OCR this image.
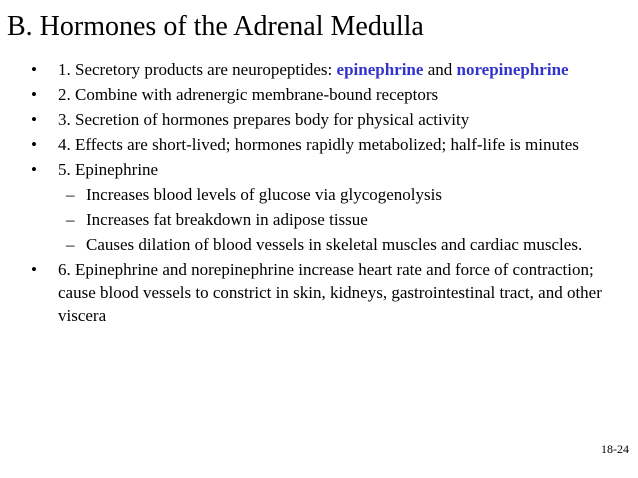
B. Hormones of the Adrenal Medulla
• 1. Secretory products are neuropeptides: epinephrine and norepinephrine
• 2. Combine with adrenergic membrane-bound receptors
• 3. Secretion of hormones prepares body for physical activity
• 4. Effects are short-lived; hormones rapidly metabolized; half-life is minutes
• 5. Epinephrine
– Increases blood levels of glucose via glycogenolysis
– Increases fat breakdown in adipose tissue
– Causes dilation of blood vessels in skeletal muscles and cardiac muscles.
• 6. Epinephrine and norepinephrine increase heart rate and force of contraction; cause blood vessels to constrict in skin, kidneys, gastrointestinal tract, and other viscera
18-24
